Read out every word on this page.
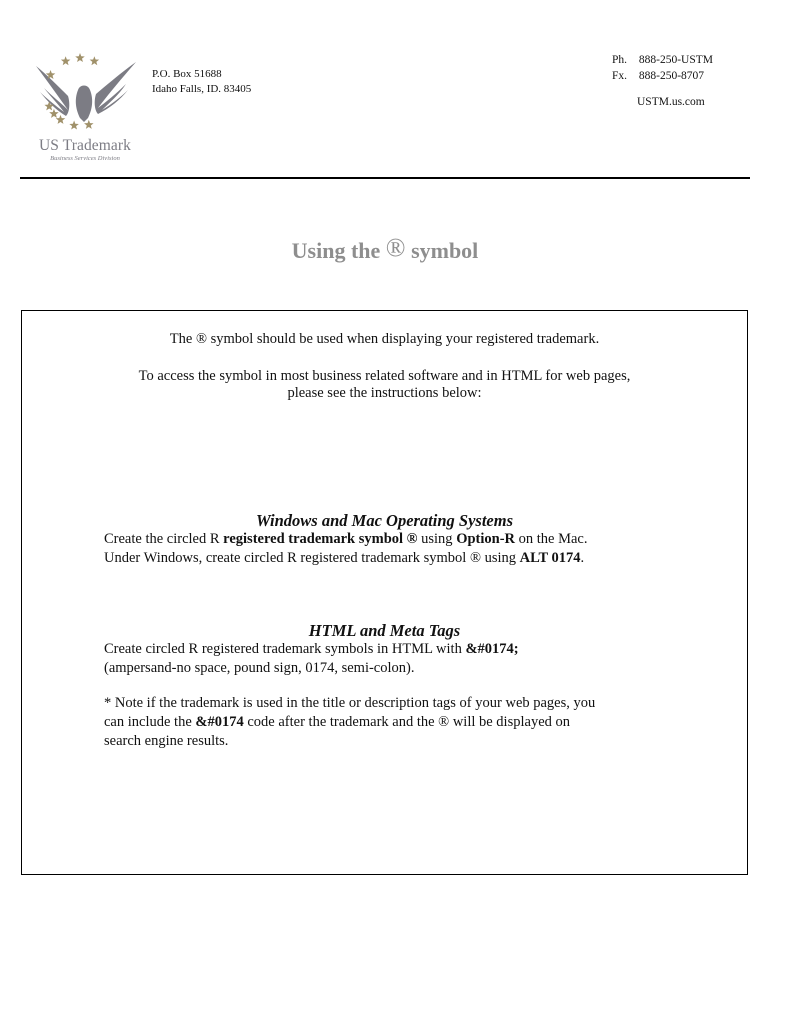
US Trademark
Business Services Division
P.O. Box 51688
Idaho Falls, ID. 83405
Ph. 888-250-USTM
Fx. 888-250-8707
USTM.us.com
Using the ® symbol
The ® symbol should be used when displaying your registered trademark.
To access the symbol in most business related software and in HTML for web pages,
please see the instructions below:
Windows and Mac Operating Systems
Create the circled R registered trademark symbol ® using Option-R on the Mac.
Under Windows, create circled R registered trademark symbol ® using ALT 0174.
HTML and Meta Tags
Create circled R registered trademark symbols in HTML with &#0174;
(ampersand-no space, pound sign, 0174, semi-colon).
* Note if the trademark is used in the title or description tags of your web pages, you
can include the &#0174 code after the trademark and the ® will be displayed on
search engine results.
